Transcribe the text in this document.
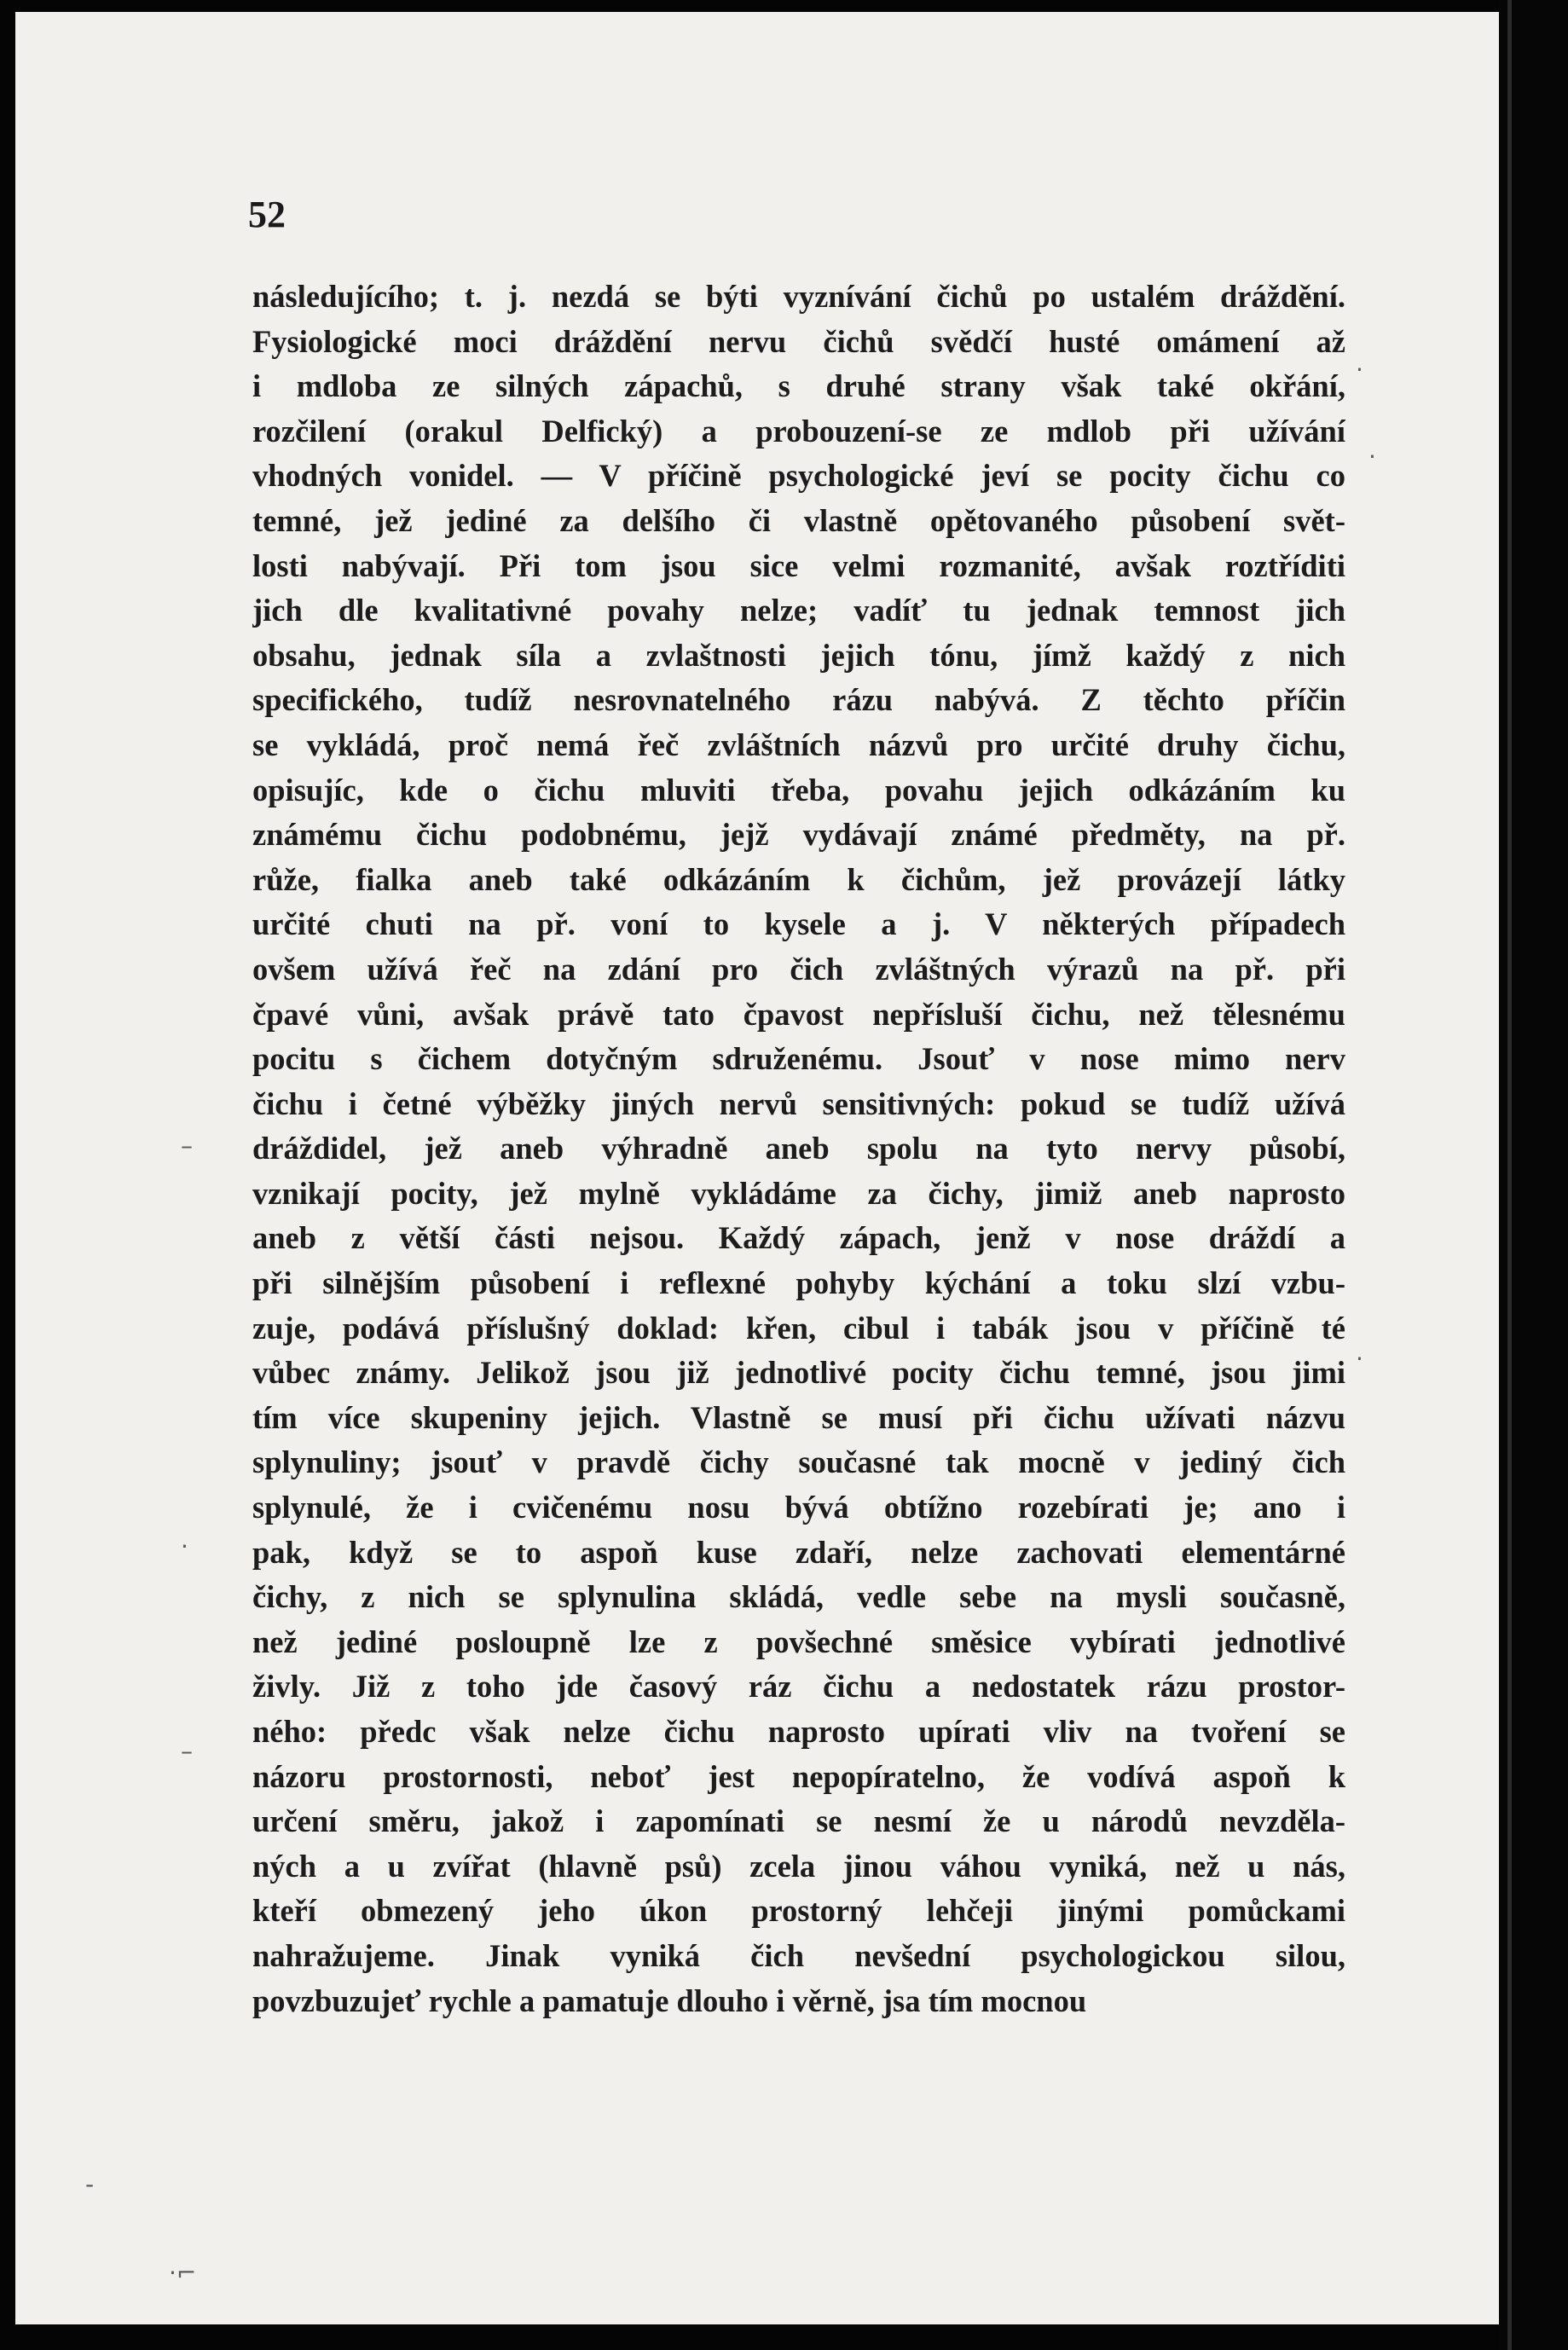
52
následujícího; t. j. nezdá se býti vyznívání čichů po ustalém dráždění.
Fysiologické moci dráždění nervu čichů svědčí husté omámení až
i mdloba ze silných zápachů, s druhé strany však také okřání,
rozčilení (orakul Delfický) a probouzení-se ze mdlob při užívání
vhodných vonidel. — V příčině psychologické jeví se pocity čichu co
temné, jež jediné za delšího či vlastně opětovaného působení svět-
losti nabývají. Při tom jsou sice velmi rozmanité, avšak roztříditi
jich dle kvalitativné povahy nelze; vadíť tu jednak temnost jich
obsahu, jednak síla a zvlaštnosti jejich tónu, jímž každý z nich
specifického, tudíž nesrovnatelného rázu nabývá. Z těchto příčin
se vykládá, proč nemá řeč zvláštních názvů pro určité druhy čichu,
opisujíc, kde o čichu mluviti třeba, povahu jejich odkázáním ku
známému čichu podobnému, jejž vydávají známé předměty, na př.
růže, fialka aneb také odkázáním k čichům, jež provázejí látky
určité chuti na př. voní to kysele a j. V některých případech
ovšem užívá řeč na zdání pro čich zvláštných výrazů na př. při
čpavé vůni, avšak právě tato čpavost nepřísluší čichu, než tělesnému
pocitu s čichem dotyčným sdruženému. Jsouť v nose mimo nerv
čichu i četné výběžky jiných nervů sensitivných: pokud se tudíž užívá
dráždidel, jež aneb výhradně aneb spolu na tyto nervy působí,
vznikají pocity, jež mylně vykládáme za čichy, jimiž aneb naprosto
aneb z větší části nejsou. Každý zápach, jenž v nose dráždí a
při silnějším působení i reflexné pohyby kýchání a toku slzí vzbu-
zuje, podává příslušný doklad: křen, cibul i tabák jsou v příčině té
vůbec známy. Jelikož jsou již jednotlivé pocity čichu temné, jsou jimi
tím více skupeniny jejich. Vlastně se musí při čichu užívati názvu
splynuliny; jsouť v pravdě čichy současné tak mocně v jediný čich
splynulé, že i cvičenému nosu bývá obtížno rozebírati je; ano i
pak, když se to aspoň kuse zdaří, nelze zachovati elementárné
čichy, z nich se splynulina skládá, vedle sebe na mysli současně,
než jediné posloupně lze z povšechné směsice vybírati jednotlivé
živly. Již z toho jde časový ráz čichu a nedostatek rázu prostor-
ného: předc však nelze čichu naprosto upírati vliv na tvoření se
názoru prostornosti, neboť jest nepopíratelno, že vodívá aspoň k
určení směru, jakož i zapomínati se nesmí že u národů nevzděla-
ných a u zvířat (hlavně psů) zcela jinou váhou vyniká, než u nás,
kteří obmezený jeho úkon prostorný lehčeji jinými pomůckami
nahražujeme. Jinak vyniká čich nevšední psychologickou silou,
povzbuzujeť rychle a pamatuje dlouho i věrně, jsa tím mocnou
·
·
–
·
·
–
-
·⌐
